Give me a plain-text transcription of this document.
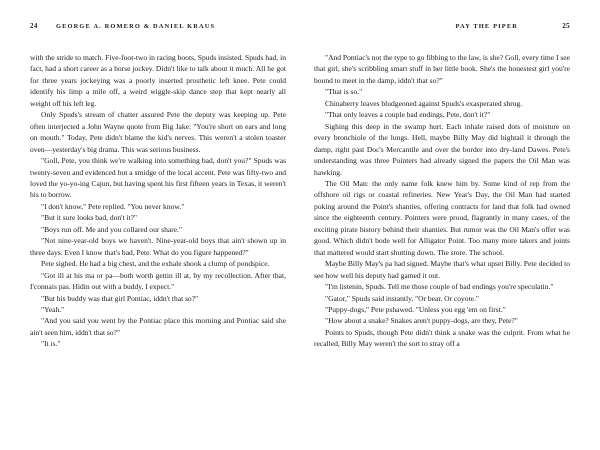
24	GEORGE A. ROMERO & DANIEL KRAUS	PAY THE PIPER	25

with the stride to match. Five-foot-two in racing boots, Spuds insisted. Spuds had, in fact, had a short career as a horse jockey. Didn't like to talk about it much. All he got for three years jockeying was a poorly inserted prosthetic left knee. Pete could identify his limp a mile off, a weird wiggle-skip dance step that kept nearly all weight off his left leg.

Only Spuds's stream of chatter assured Pete the deputy was keeping up. Pete often interjected a John Wayne quote from Big Jake: "You're short on ears and long on mouth." Today, Pete didn't blame the kid's nerves. This weren't a stolen toaster oven—yesterday's big drama. This was serious business.

"Goll, Pete, you think we're walking into something bad, don't you?" Spuds was twenty-seven and evidenced but a smidge of the local accent. Pete was fifty-two and loved the yo-yo-ing Cajun, but having spent his first fifteen years in Texas, it weren't his to borrow.

"I don't know," Pete replied. "You never know."

"But it sure looks bad, don't it?"

"Boys run off. Me and you collared our share."

"Not nine-year-old boys we haven't. Nine-year-old boys that ain't shown up in three days. Even I know that's bad, Pete. What do you figure happened?"

Pete sighed. He had a big chest, and the exhale shook a clump of pondspice.

"Got ill at his ma or pa—both worth gettin ill at, by my recollection. After that, I'connais pas. Hidin out with a buddy, I expect."

"But his buddy was that girl Pontiac, iddn't that so?"

"Yeah."

"And you said you went by the Pontiac place this morning and Pontiac said she ain't seen him, iddn't that so?"

"It is."

"And Pontiac's not the type to go fibbing to the law, is she? Goll, every time I see that girl, she's scribbling smart stuff in her little book. She's the honestest girl you're bound to meet in the damp, iddn't that so?"

"That is so."

Chinaberry leaves bludgeoned against Spuds's exasperated shrug.

"That only leaves a couple bad endings, Pete, don't it?"

Sighing this deep in the swamp hurt. Each inhale raised dots of moisture on every bronchiole of the lungs. Hell, maybe Billy May did hightail it through the damp, right past Doc's Mercantile and over the border into dry-land Dawes. Pete's understanding was three Pointers had already signed the papers the Oil Man was hawking.

The Oil Man: the only name folk knew him by. Some kind of rep from the offshore oil rigs or coastal refineries. New Year's Day, the Oil Man had started poking around the Point's shanties, offering contracts for land that folk had owned since the eighteenth century. Pointers were proud, flagrantly in many cases, of the exciting pirate history behind their shanties. But rumor was the Oil Man's offer was good. Which didn't bode well for Alligator Point. Too many more takers and joints that mattered would start shutting down. The store. The school.

Maybe Billy May's pa had signed. Maybe that's what upset Billy. Pete decided to see how well his deputy had gamed it out.

"I'm listenin, Spuds. Tell me those couple of bad endings you're speculatin."

"Gator," Spuds said instantly. "Or bear. Or coyote."

"Puppy-dogs," Pete pshawed. "Unless you egg 'em on first."

"How about a snake? Snakes aren't puppy-dogs, are they, Pete?"

Points to Spuds, though Pete didn't think a snake was the culprit. From what he recalled, Billy May weren't the sort to stray off a
